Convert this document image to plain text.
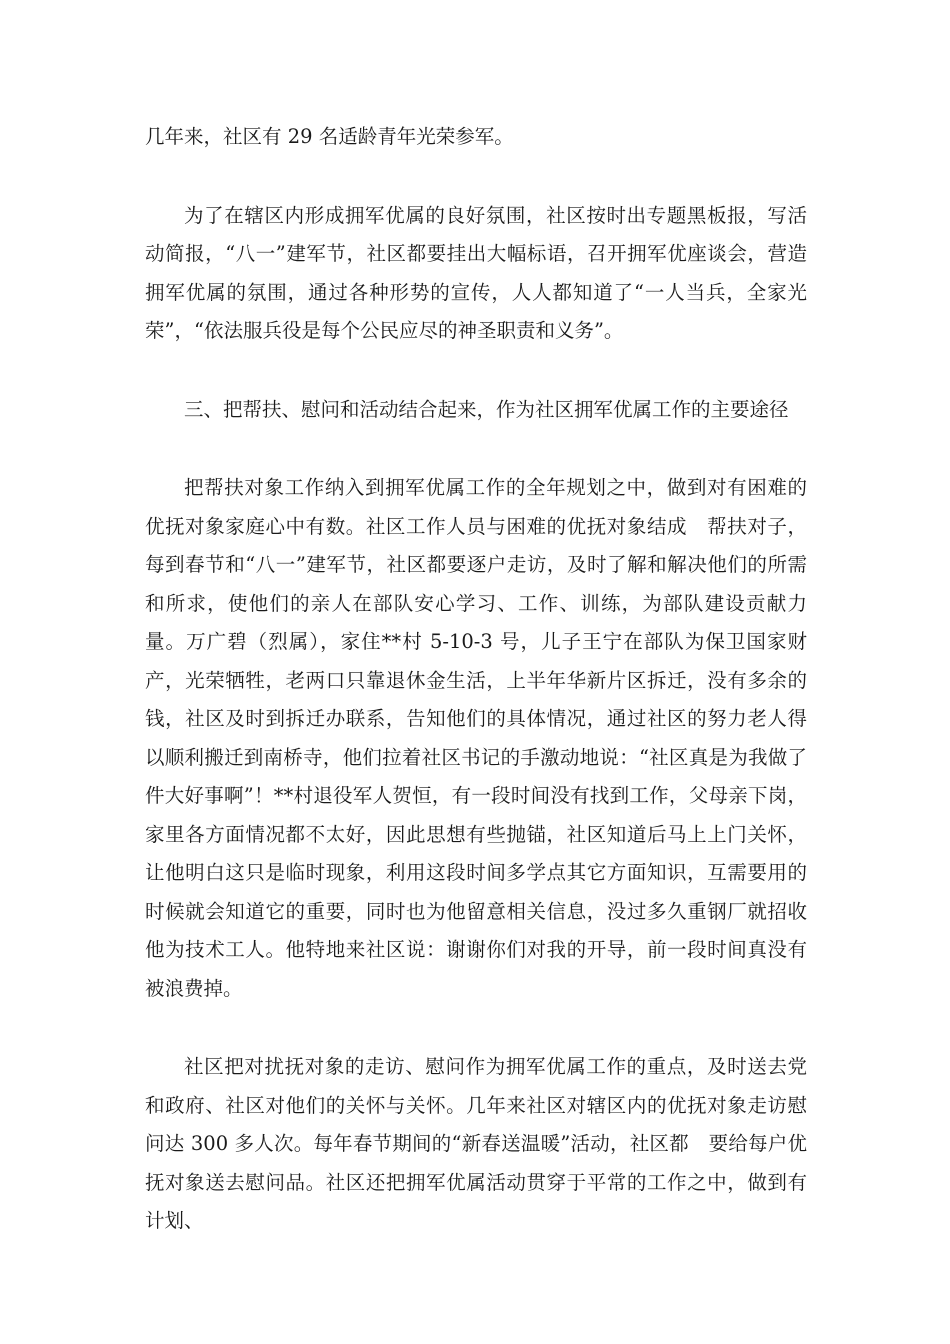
几年来，社区有 29 名适龄青年光荣参军。

为了在辖区内形成拥军优属的良好氛围，社区按时出专题黑板报，写活动简报，“八一”建军节，社区都要挂出大幅标语，召开拥军优座谈会，营造拥军优属的氛围，通过各种形势的宣传，人人都知道了“一人当兵，全家光荣”，“依法服兵役是每个公民应尽的神圣职责和义务”。

三、把帮扶、慰问和活动结合起来，作为社区拥军优属工作的主要途径

把帮扶对象工作纳入到拥军优属工作的全年规划之中，做到对有困难的优抚对象家庭心中有数。社区工作人员与困难的优抚对象结成　帮扶对子，每到春节和“八一”建军节，社区都要逐户走访，及时了解和解决他们的所需和所求，使他们的亲人在部队安心学习、工作、训练，为部队建设贡献力量。万广碧（烈属），家住**村 5-10-3 号，儿子王宁在部队为保卫国家财产，光荣牺牲，老两口只靠退休金生活，上半年华新片区拆迁，没有多余的钱，社区及时到拆迁办联系，告知他们的具体情况，通过社区的努力老人得以顺利搬迁到南桥寺，他们拉着社区书记的手激动地说：“社区真是为我做了件大好事啊”！**村退役军人贺恒，有一段时间没有找到工作，父母亲下岗，家里各方面情况都不太好，因此思想有些抛锚，社区知道后马上上门关怀，让他明白这只是临时现象，利用这段时间多学点其它方面知识，互需要用的时候就会知道它的重要，同时也为他留意相关信息，没过多久重钢厂就招收他为技术工人。他特地来社区说：谢谢你们对我的开导，前一段时间真没有被浪费掉。

社区把对扰抚对象的走访、慰问作为拥军优属工作的重点，及时送去党和政府、社区对他们的关怀与关怀。几年来社区对辖区内的优抚对象走访慰问达 300 多人次。每年春节期间的“新春送温暖”活动，社区都　要给每户优抚对象送去慰问品。社区还把拥军优属活动贯穿于平常的工作之中，做到有计划、
